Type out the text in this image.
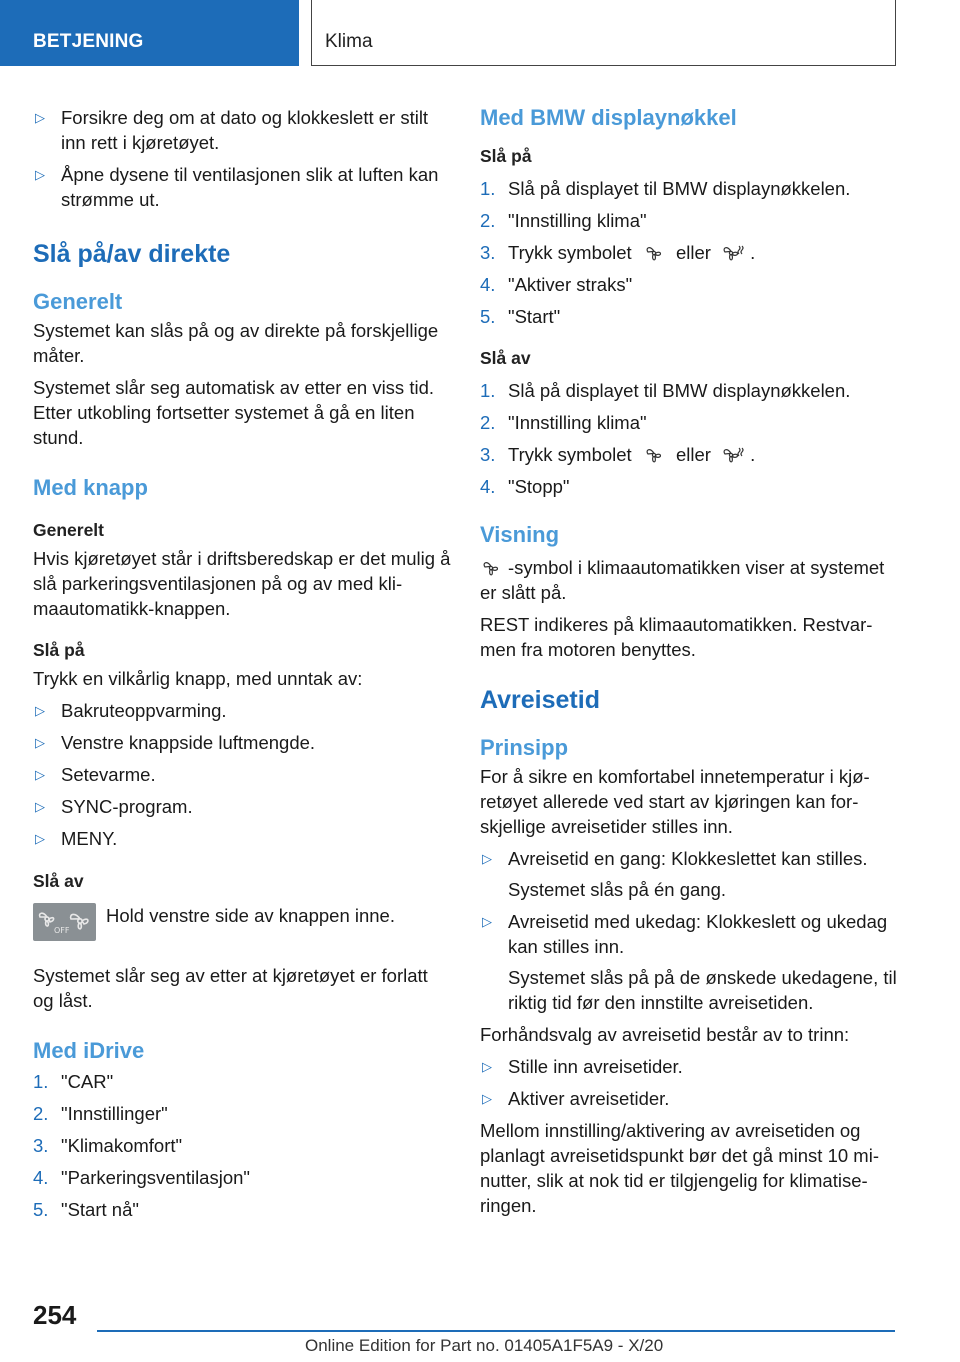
BETJENING	Klima
▷ Forsikre deg om at dato og klokkeslett er stilt inn rett i kjøretøyet.
▷ Åpne dysene til ventilasjonen slik at luften kan strømme ut.
Slå på/av direkte
Generelt

Systemet kan slås på og av direkte på forskjellige måter.

Systemet slår seg automatisk av etter en viss tid. Etter utkobling fortsetter systemet å gå en liten stund.

Med knapp
Generelt

Hvis kjøretøyet står i driftsberedskap er det mulig å slå parkeringsventilasjonen på og av med klimaautomatikk-knappen.

Slå på

Trykk en vilkårlig knapp, med unntak av:

▷ Bakruteoppvarming.
▷ Venstre knappside luftmengde.
▷ Setevarme.
▷ SYNC-program.
▷ MENY.
Slå av
OFF
Hold venstre side av knappen inne.

Systemet slår seg av etter at kjøretøyet er forlatt og låst.

Med iDrive
1. "CAR"
2. "Innstillinger"
3. "Klimakomfort"
4. "Parkeringsventilasjon"
5. "Start nå"
Med BMW displaynøkkel
Slå på
1. Slå på displayet til BMW displaynøkkelen.
2. "Innstilling klima"
3. Trykk symbolet eller .
4. "Aktiver straks"
5. "Start"
Slå av
1. Slå på displayet til BMW displaynøkkelen.
2. "Innstilling klima"
3. Trykk symbolet eller .
4. "Stopp"
Visning

-symbol i klimaautomatikken viser at systemet er slått på.

REST indikeres på klimaautomatikken. Restvarmen fra motoren benyttes.

Avreisetid
Prinsipp

For å sikre en komfortabel innetemperatur i kjøretøyet allerede ved start av kjøringen kan forskjellige avreisetider stilles inn.

▷ Avreisetid en gang: Klokkeslettet kan stilles.

Systemet slås på én gang.

▷ Avreisetid med ukedag: Klokkeslett og ukedag kan stilles inn.

Systemet slås på på de ønskede ukedagene, til riktig tid før den innstilte avreisetiden.

Forhåndsvalg av avreisetid består av to trinn:

▷ Stille inn avreisetider.
▷ Aktiver avreisetider.

Mellom innstilling/aktivering av avreisetiden og planlagt avreisetidspunkt bør det gå minst 10 minutter, slik at nok tid er tilgjengelig for klimatiseringen.

254
Online Edition for Part no. 01405A1F5A9 - X/20
